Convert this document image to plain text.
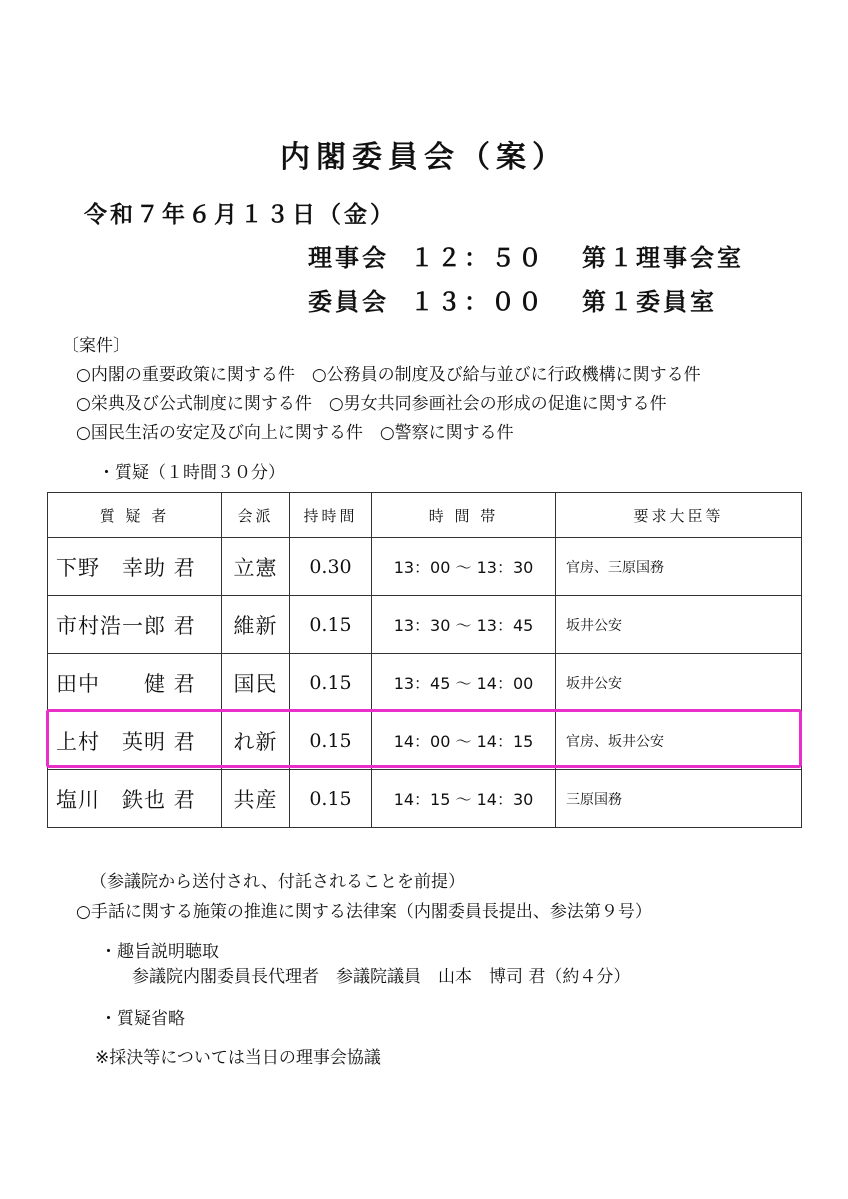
内閣委員会（案）
令和７年６月１３日（金）
理事会 １２：５０ 第１理事会室
委員会 １３：００ 第１委員室
〔案件〕
○内閣の重要政策に関する件　○公務員の制度及び給与並びに行政機構に関する件
○栄典及び公式制度に関する件　○男女共同参画社会の形成の促進に関する件
○国民生活の安定及び向上に関する件　○警察に関する件
・質疑（１時間３０分）
質 疑 者	会派	持時間	時 間 帯	要求大臣等
下野　幸助 君	立憲	0.30	13：00 〜 13：30	官房、三原国務
市村浩一郎 君	維新	0.15	13：30 〜 13：45	坂井公安
田中　　健 君	国民	0.15	13：45 〜 14：00	坂井公安
上村　英明 君	れ新	0.15	14：00 〜 14：15	官房、坂井公安
塩川　鉄也 君	共産	0.15	14：15 〜 14：30	三原国務
（参議院から送付され、付託されることを前提）
○手話に関する施策の推進に関する法律案（内閣委員長提出、参法第９号）
・趣旨説明聴取
参議院内閣委員長代理者　参議院議員　山本　博司 君（約４分）
・質疑省略
※採決等については当日の理事会協議
